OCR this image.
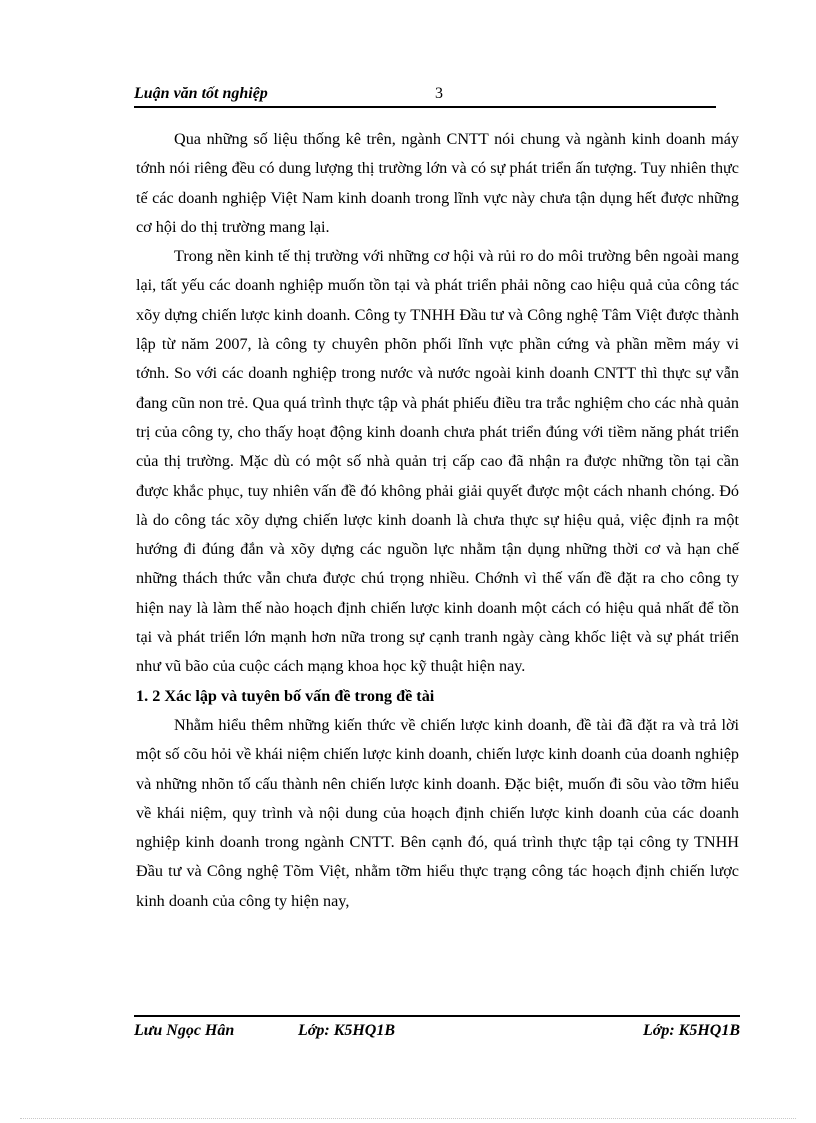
Luận văn tốt nghiệp	3

Qua những số liệu thống kê trên, ngành CNTT nói chung và ngành kinh doanh máy tớnh nói riêng đều có dung lượng thị trường lớn và có sự phát triển ấn tượng. Tuy nhiên thực tế các doanh nghiệp Việt Nam kinh doanh trong lĩnh vực này chưa tận dụng hết được những cơ hội do thị trường mang lại.

Trong nền kinh tế thị trường với những cơ hội và rủi ro do môi trường bên ngoài mang lại, tất yếu các doanh nghiệp muốn tồn tại và phát triển phải nõng cao hiệu quả của công tác xõy dựng chiến lược kinh doanh. Công ty TNHH Đầu tư và Công nghệ Tâm Việt được thành lập từ năm 2007, là công ty chuyên phõn phối lĩnh vực phần cứng và phần mềm máy vi tớnh. So với các doanh nghiệp trong nước và nước ngoài kinh doanh CNTT thì thực sự vẫn đang cũn non trẻ. Qua quá trình thực tập và phát phiếu điều tra trắc nghiệm cho các nhà quản trị của công ty, cho thấy hoạt động kinh doanh chưa phát triển đúng với tiềm năng phát triển của thị trường. Mặc dù có một số nhà quản trị cấp cao đã nhận ra được những tồn tại cần được khắc phục, tuy nhiên vấn đề đó không phải giải quyết được một cách nhanh chóng. Đó là do công tác xõy dựng chiến lược kinh doanh là chưa thực sự hiệu quả, việc định ra một hướng đi đúng đắn và xõy dựng các nguồn lực nhằm tận dụng những thời cơ và hạn chế những thách thức vẫn chưa được chú trọng nhiều. Chớnh vì thế vấn đề đặt ra cho công ty hiện nay là làm thế nào hoạch định chiến lược kinh doanh một cách có hiệu quả nhất để tồn tại và phát triển lớn mạnh hơn nữa trong sự cạnh tranh ngày càng khốc liệt và sự phát triển như vũ bão của cuộc cách mạng khoa học kỹ thuật hiện nay.

1. 2 Xác lập và tuyên bố vấn đề trong đề tài

Nhằm hiểu thêm những kiến thức về chiến lược kinh doanh, đề tài đã đặt ra và trả lời một số cõu hỏi về khái niệm chiến lược kinh doanh, chiến lược kinh doanh của doanh nghiệp và những nhõn tố cấu thành nên chiến lược kinh doanh. Đặc biệt, muốn đi sõu vào tỡm hiểu về khái niệm, quy trình và nội dung của hoạch định chiến lược kinh doanh của các doanh nghiệp kinh doanh trong ngành CNTT. Bên cạnh đó, quá trình thực tập tại công ty TNHH Đầu tư và Công nghệ Tõm Việt, nhằm tỡm hiểu thực trạng công tác hoạch định chiến lược kinh doanh của công ty hiện nay,

Lưu Ngọc Hân	Lớp: K5HQ1B	Lớp: K5HQ1B
